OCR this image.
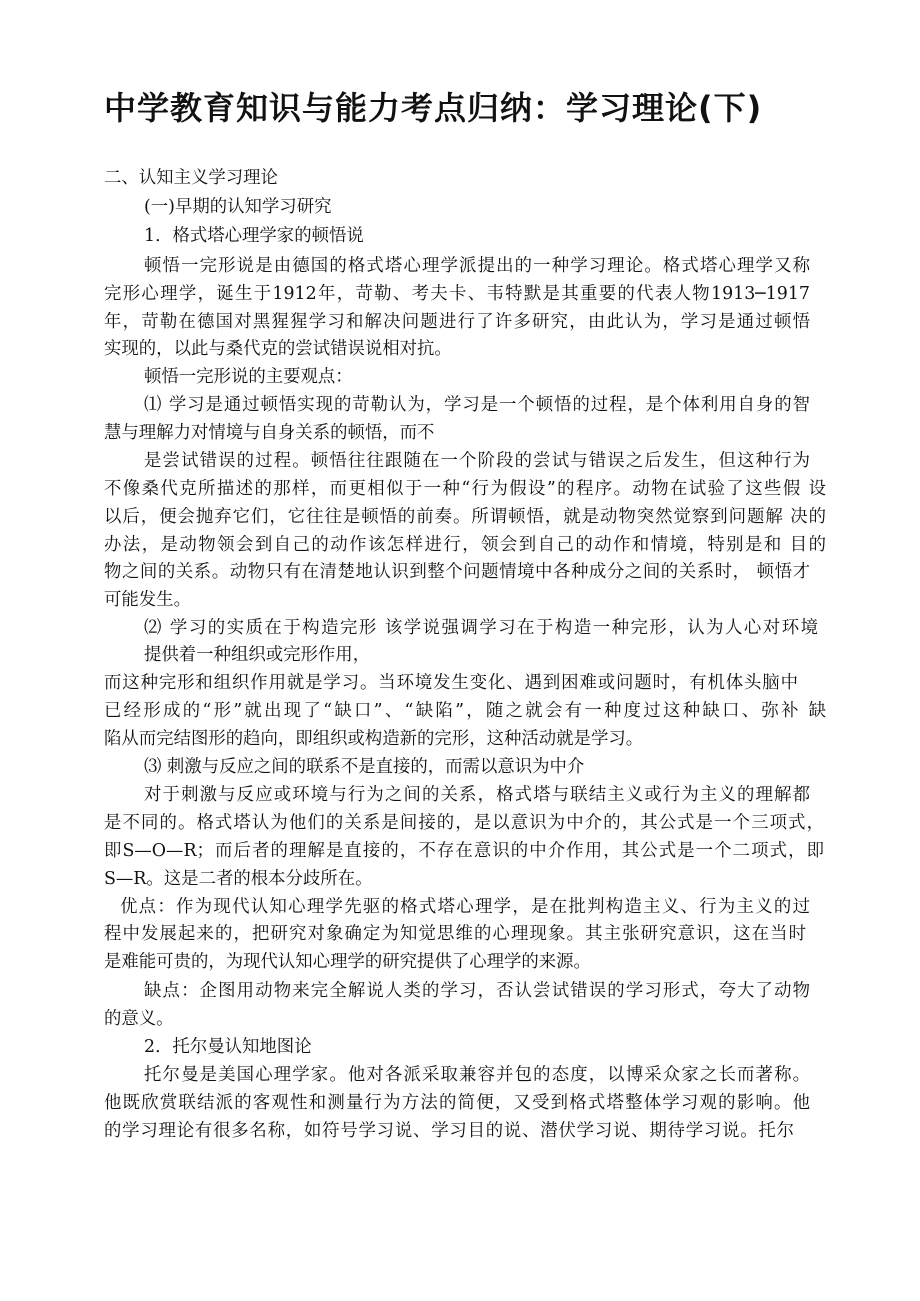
中学教育知识与能力考点归纳：学习理论(下)
二、认知主义学习理论
(一)早期的认知学习研究
1．格式塔心理学家的顿悟说
顿悟一完形说是由德国的格式塔心理学派提出的一种学习理论。格式塔心理学又称
完形心理学，诞生于1912年，苛勒、考夫卡、韦特默是其重要的代表人物1913─1917
年，苛勒在德国对黑猩猩学习和解决问题进行了许多研究，由此认为，学习是通过顿悟
实现的，以此与桑代克的尝试错误说相对抗。
顿悟一完形说的主要观点：
⑴ 学习是通过顿悟实现的苛勒认为，学习是一个顿悟的过程，是个体利用自身的智
慧与理解力对情境与自身关系的顿悟，而不
是尝试错误的过程。顿悟往往跟随在一个阶段的尝试与错误之后发生，但这种行为
不像桑代克所描述的那样，而更相似于一种“行为假设”的程序。动物在试验了这些假 设
以后，便会抛弃它们，它往往是顿悟的前奏。所谓顿悟，就是动物突然觉察到问题解 决的
办法，是动物领会到自己的动作该怎样进行，领会到自己的动作和情境，特别是和 目的
物之间的关系。动物只有在清楚地认识到整个问题情境中各种成分之间的关系时， 顿悟才
可能发生。
⑵ 学习的实质在于构造完形 该学说强调学习在于构造一种完形，认为人心对环境
提供着一种组织或完形作用，
而这种完形和组织作用就是学习。当环境发生变化、遇到困难或问题时，有机体头脑中
已经形成的“形”就出现了“缺口”、“缺陷”，随之就会有一种度过这种缺口、弥补 缺
陷从而完结图形的趋向，即组织或构造新的完形，这种活动就是学习。
⑶ 刺激与反应之间的联系不是直接的，而需以意识为中介
对于刺激与反应或环境与行为之间的关系，格式塔与联结主义或行为主义的理解都
是不同的。格式塔认为他们的关系是间接的，是以意识为中介的，其公式是一个三项式，
即S—O—R；而后者的理解是直接的，不存在意识的中介作用，其公式是一个二项式，即
S—R。这是二者的根本分歧所在。
优点：作为现代认知心理学先驱的格式塔心理学，是在批判构造主义、行为主义的过
程中发展起来的，把研究对象确定为知觉思维的心理现象。其主张研究意识，这在当时
是难能可贵的，为现代认知心理学的研究提供了心理学的来源。
缺点：企图用动物来完全解说人类的学习，否认尝试错误的学习形式，夸大了动物
的意义。
2．托尔曼认知地图论
托尔曼是美国心理学家。他对各派采取兼容并包的态度，以博采众家之长而著称。
他既欣赏联结派的客观性和测量行为方法的简便，又受到格式塔整体学习观的影响。他
的学习理论有很多名称，如符号学习说、学习目的说、潜伏学习说、期待学习说。托尔
